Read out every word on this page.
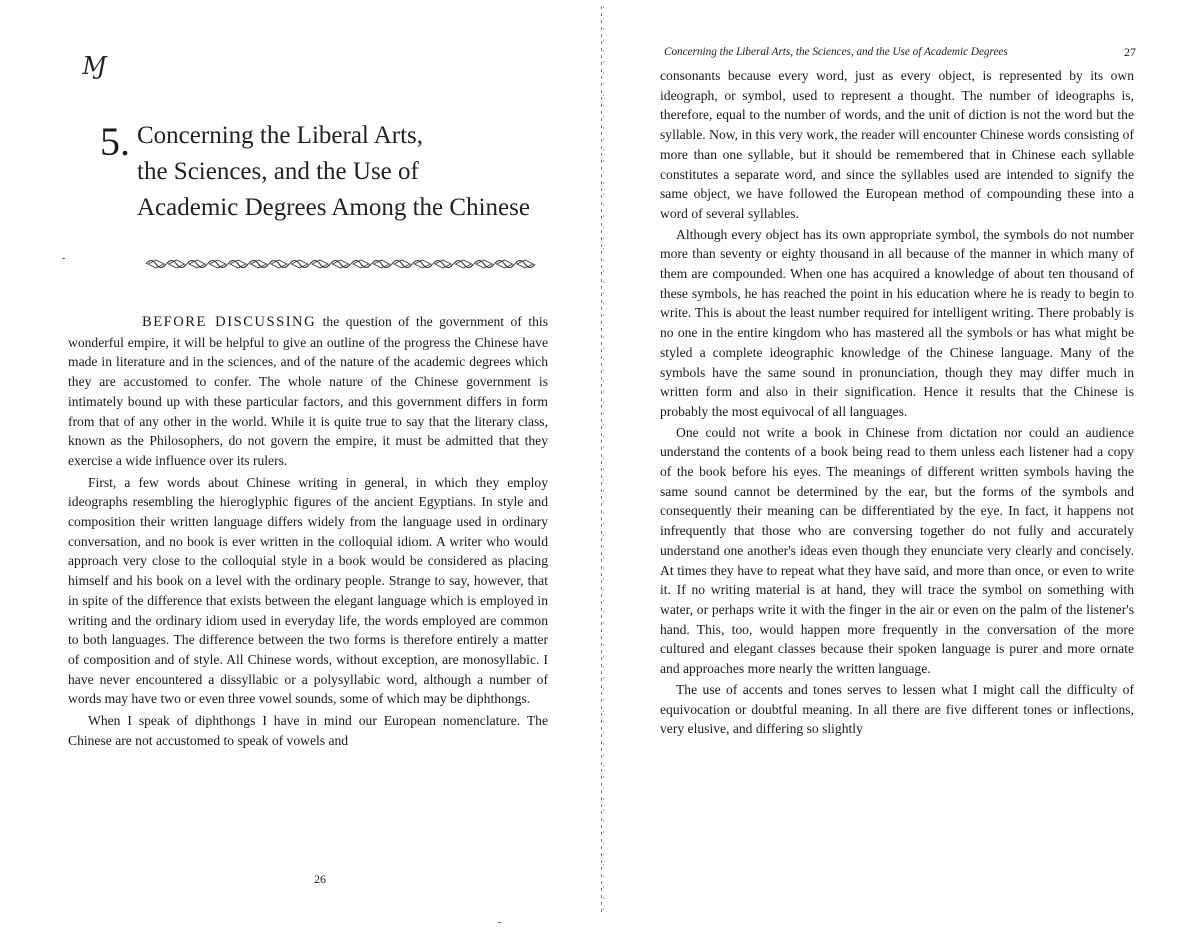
Ɱ
5. Concerning the Liberal Arts,
the Sciences, and the Use of
Academic Degrees Among the Chinese

BEFORE DISCUSSING the question of the government of this wonderful empire, it will be helpful to give an outline of the progress the Chinese have made in literature and in the sciences, and of the nature of the academic degrees which they are accustomed to confer. The whole nature of the Chinese government is intimately bound up with these particular factors, and this government differs in form from that of any other in the world. While it is quite true to say that the literary class, known as the Philosophers, do not govern the empire, it must be admitted that they exercise a wide influence over its rulers.

First, a few words about Chinese writing in general, in which they employ ideographs resembling the hieroglyphic figures of the ancient Egyptians. In style and composition their written language differs widely from the language used in ordinary conversation, and no book is ever written in the colloquial idiom. A writer who would approach very close to the colloquial style in a book would be considered as placing himself and his book on a level with the ordinary people. Strange to say, however, that in spite of the difference that exists between the elegant language which is employed in writing and the ordinary idiom used in everyday life, the words employed are common to both languages. The difference between the two forms is therefore entirely a matter of composition and of style. All Chinese words, without exception, are monosyllabic. I have never encountered a dissyllabic or a polysyllabic word, although a number of words may have two or even three vowel sounds, some of which may be diphthongs.

When I speak of diphthongs I have in mind our European nomenclature. The Chinese are not accustomed to speak of vowels and

26
Concerning the Liberal Arts, the Sciences, and the Use of Academic Degrees	27

consonants because every word, just as every object, is represented by its own ideograph, or symbol, used to represent a thought. The number of ideographs is, therefore, equal to the number of words, and the unit of diction is not the word but the syllable. Now, in this very work, the reader will encounter Chinese words consisting of more than one syllable, but it should be remembered that in Chinese each syllable constitutes a separate word, and since the syllables used are intended to signify the same object, we have followed the European method of compounding these into a word of several syllables.

Although every object has its own appropriate symbol, the symbols do not number more than seventy or eighty thousand in all because of the manner in which many of them are compounded. When one has acquired a knowledge of about ten thousand of these symbols, he has reached the point in his education where he is ready to begin to write. This is about the least number required for intelligent writing. There probably is no one in the entire kingdom who has mastered all the symbols or has what might be styled a complete ideographic knowledge of the Chinese language. Many of the symbols have the same sound in pronunciation, though they may differ much in written form and also in their signification. Hence it results that the Chinese is probably the most equivocal of all languages.

One could not write a book in Chinese from dictation nor could an audience understand the contents of a book being read to them unless each listener had a copy of the book before his eyes. The meanings of different written symbols having the same sound cannot be determined by the ear, but the forms of the symbols and consequently their meaning can be differentiated by the eye. In fact, it happens not infrequently that those who are conversing together do not fully and accurately understand one another's ideas even though they enunciate very clearly and concisely. At times they have to repeat what they have said, and more than once, or even to write it. If no writing material is at hand, they will trace the symbol on something with water, or perhaps write it with the finger in the air or even on the palm of the listener's hand. This, too, would happen more frequently in the conversation of the more cultured and elegant classes because their spoken language is purer and more ornate and approaches more nearly the written language.

The use of accents and tones serves to lessen what I might call the difficulty of equivocation or doubtful meaning. In all there are five different tones or inflections, very elusive, and differing so slightly
